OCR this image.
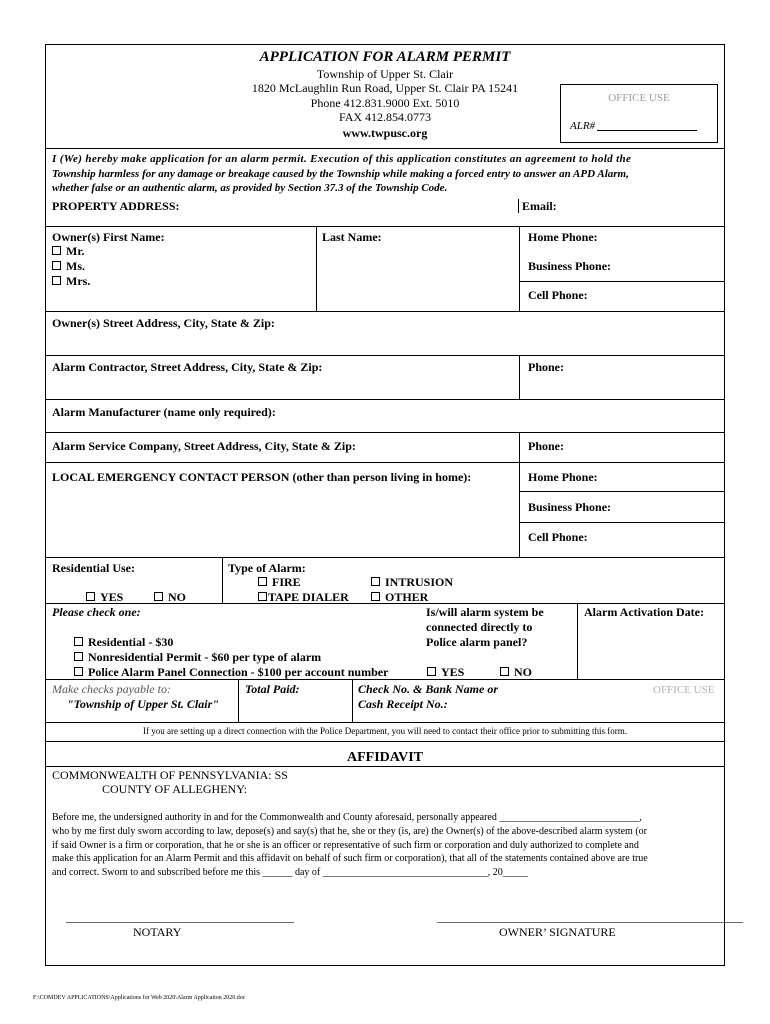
APPLICATION FOR ALARM PERMIT
Township of Upper St. Clair
1820 McLaughlin Run Road, Upper St. Clair PA 15241
Phone 412.831.9000 Ext. 5010
FAX 412.854.0773
www.twpusc.org
OFFICE USE
ALR#
I (We) hereby make application for an alarm permit. Execution of this application constitutes an agreement to hold the
Township harmless for any damage or breakage caused by the Township while making a forced entry to answer an APD Alarm,
whether false or an authentic alarm, as provided by Section 37.3 of the Township Code.
PROPERTY ADDRESS:	Email:
Owner(s) First Name:
Mr.
Ms.
Mrs.
Last Name:	Home Phone:
Business Phone:
Cell Phone:
Owner(s) Street Address, City, State & Zip:
Alarm Contractor, Street Address, City, State & Zip:	Phone:
Alarm Manufacturer (name only required):
Alarm Service Company, Street Address, City, State & Zip:	Phone:
LOCAL EMERGENCY CONTACT PERSON (other than person living in home):	Home Phone:
Business Phone:
Cell Phone:
Residential Use:
YES	NO
Type of Alarm:
FIRE	INTRUSION
TAPE DIALER	OTHER
Please check one:
Residential - $30
Nonresidential Permit - $60 per type of alarm
Police Alarm Panel Connection - $100 per account number
Is/will alarm system be
connected directly to
Police alarm panel?
YES	NO
Alarm Activation Date:
Make checks payable to:
"Township of Upper St. Clair"
Total Paid:	Check No. & Bank Name or
Cash Receipt No.:
OFFICE USE
If you are setting up a direct connection with the Police Department, you will need to contact their office prior to submitting this form.
AFFIDAVIT
COMMONWEALTH OF PENNSYLVANIA: SS
COUNTY OF ALLEGHENY:
Before me, the undersigned authority in and for the Commonwealth and County aforesaid, personally appeared ____________________________,
who by me first duly sworn according to law, depose(s) and say(s) that he, she or they (is, are) the Owner(s) of the above-described alarm system (or
if said Owner is a firm or corporation, that he or she is an officer or representative of such firm or corporation and duly authorized to complete and
make this application for an Alarm Permit and this affidavit on behalf of such firm or corporation), that all of the statements contained above are true
and correct. Sworn to and subscribed before me this ______ day of _________________________________, 20_____
______________________________________	___________________________________________________
NOTARY	OWNER’ SIGNATURE
F:\COMDEV APPLICATIONS\Applications for Web 2020\Alarm Application 2020.doc
